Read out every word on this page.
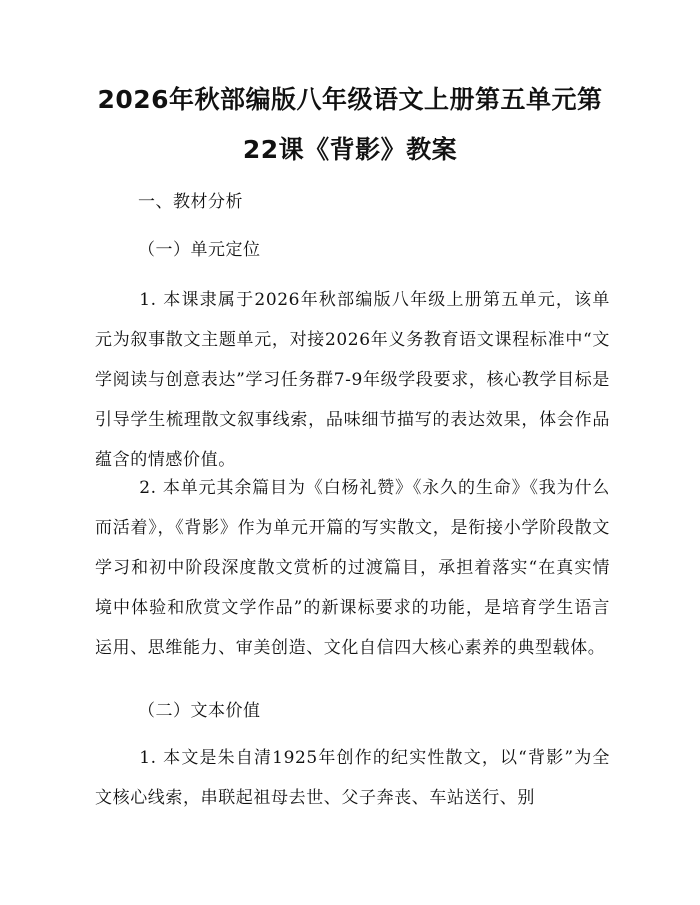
2026年秋部编版八年级语文上册第五单元第
22课《背影》教案
一、教材分析
（一）单元定位
1. 本课隶属于2026年秋部编版八年级上册第五单元，该单元为叙事散文主题单元，对接2026年义务教育语文课程标准中“文学阅读与创意表达”学习任务群7-9年级学段要求，核心教学目标是引导学生梳理散文叙事线索，品味细节描写的表达效果，体会作品蕴含的情感价值。
2. 本单元其余篇目为《白杨礼赞》《永久的生命》《我为什么而活着》，《背影》作为单元开篇的写实散文，是衔接小学阶段散文学习和初中阶段深度散文赏析的过渡篇目，承担着落实“在真实情境中体验和欣赏文学作品”的新课标要求的功能，是培育学生语言运用、思维能力、审美创造、文化自信四大核心素养的典型载体。
（二）文本价值
1. 本文是朱自清1925年创作的纪实性散文，以“背影”为全文核心线索，串联起祖母去世、父子奔丧、车站送行、别
